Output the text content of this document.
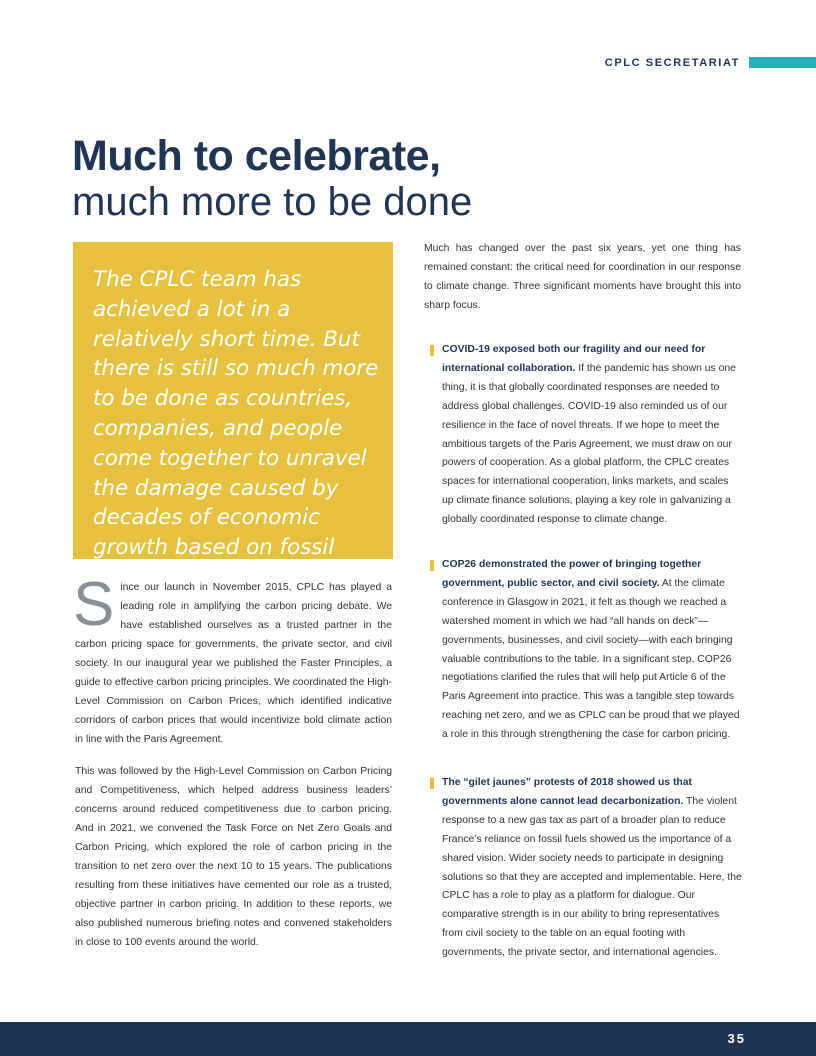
CPLC SECRETARIAT
Much to celebrate,
much more to be done

The CPLC team has achieved a lot in a relatively short time. But there is still so much more to be done as countries, companies, and people come together to unravel the damage caused by decades of economic growth based on fossil fuels.

Since our launch in November 2015, CPLC has played a leading role in amplifying the carbon pricing debate. We have established ourselves as a trusted partner in the carbon pricing space for governments, the private sector, and civil society. In our inaugural year we published the Faster Principles, a guide to effective carbon pricing principles. We coordinated the High-Level Commission on Carbon Prices, which identified indicative corridors of carbon prices that would incentivize bold climate action in line with the Paris Agreement.

This was followed by the High-Level Commission on Carbon Pricing and Competitiveness, which helped address business leaders’ concerns around reduced competitiveness due to carbon pricing. And in 2021, we convened the Task Force on Net Zero Goals and Carbon Pricing, which explored the role of carbon pricing in the transition to net zero over the next 10 to 15 years. The publications resulting from these initiatives have cemented our role as a trusted, objective partner in carbon pricing. In addition to these reports, we also published numerous briefing notes and convened stakeholders in close to 100 events around the world.

Much has changed over the past six years, yet one thing has remained constant: the critical need for coordination in our response to climate change. Three significant moments have brought this into sharp focus.

COVID-19 exposed both our fragility and our need for international collaboration. If the pandemic has shown us one thing, it is that globally coordinated responses are needed to address global challenges. COVID-19 also reminded us of our resilience in the face of novel threats. If we hope to meet the ambitious targets of the Paris Agreement, we must draw on our powers of cooperation. As a global platform, the CPLC creates spaces for international cooperation, links markets, and scales up climate finance solutions, playing a key role in galvanizing a globally coordinated response to climate change.

COP26 demonstrated the power of bringing together government, public sector, and civil society. At the climate conference in Glasgow in 2021, it felt as though we reached a watershed moment in which we had “all hands on deck”—governments, businesses, and civil society—with each bringing valuable contributions to the table. In a significant step, COP26 negotiations clarified the rules that will help put Article 6 of the Paris Agreement into practice. This was a tangible step towards reaching net zero, and we as CPLC can be proud that we played a role in this through strengthening the case for carbon pricing.

The “gilet jaunes” protests of 2018 showed us that governments alone cannot lead decarbonization. The violent response to a new gas tax as part of a broader plan to reduce France’s reliance on fossil fuels showed us the importance of a shared vision. Wider society needs to participate in designing solutions so that they are accepted and implementable. Here, the CPLC has a role to play as a platform for dialogue. Our comparative strength is in our ability to bring representatives from civil society to the table on an equal footing with governments, the private sector, and international agencies.

35
